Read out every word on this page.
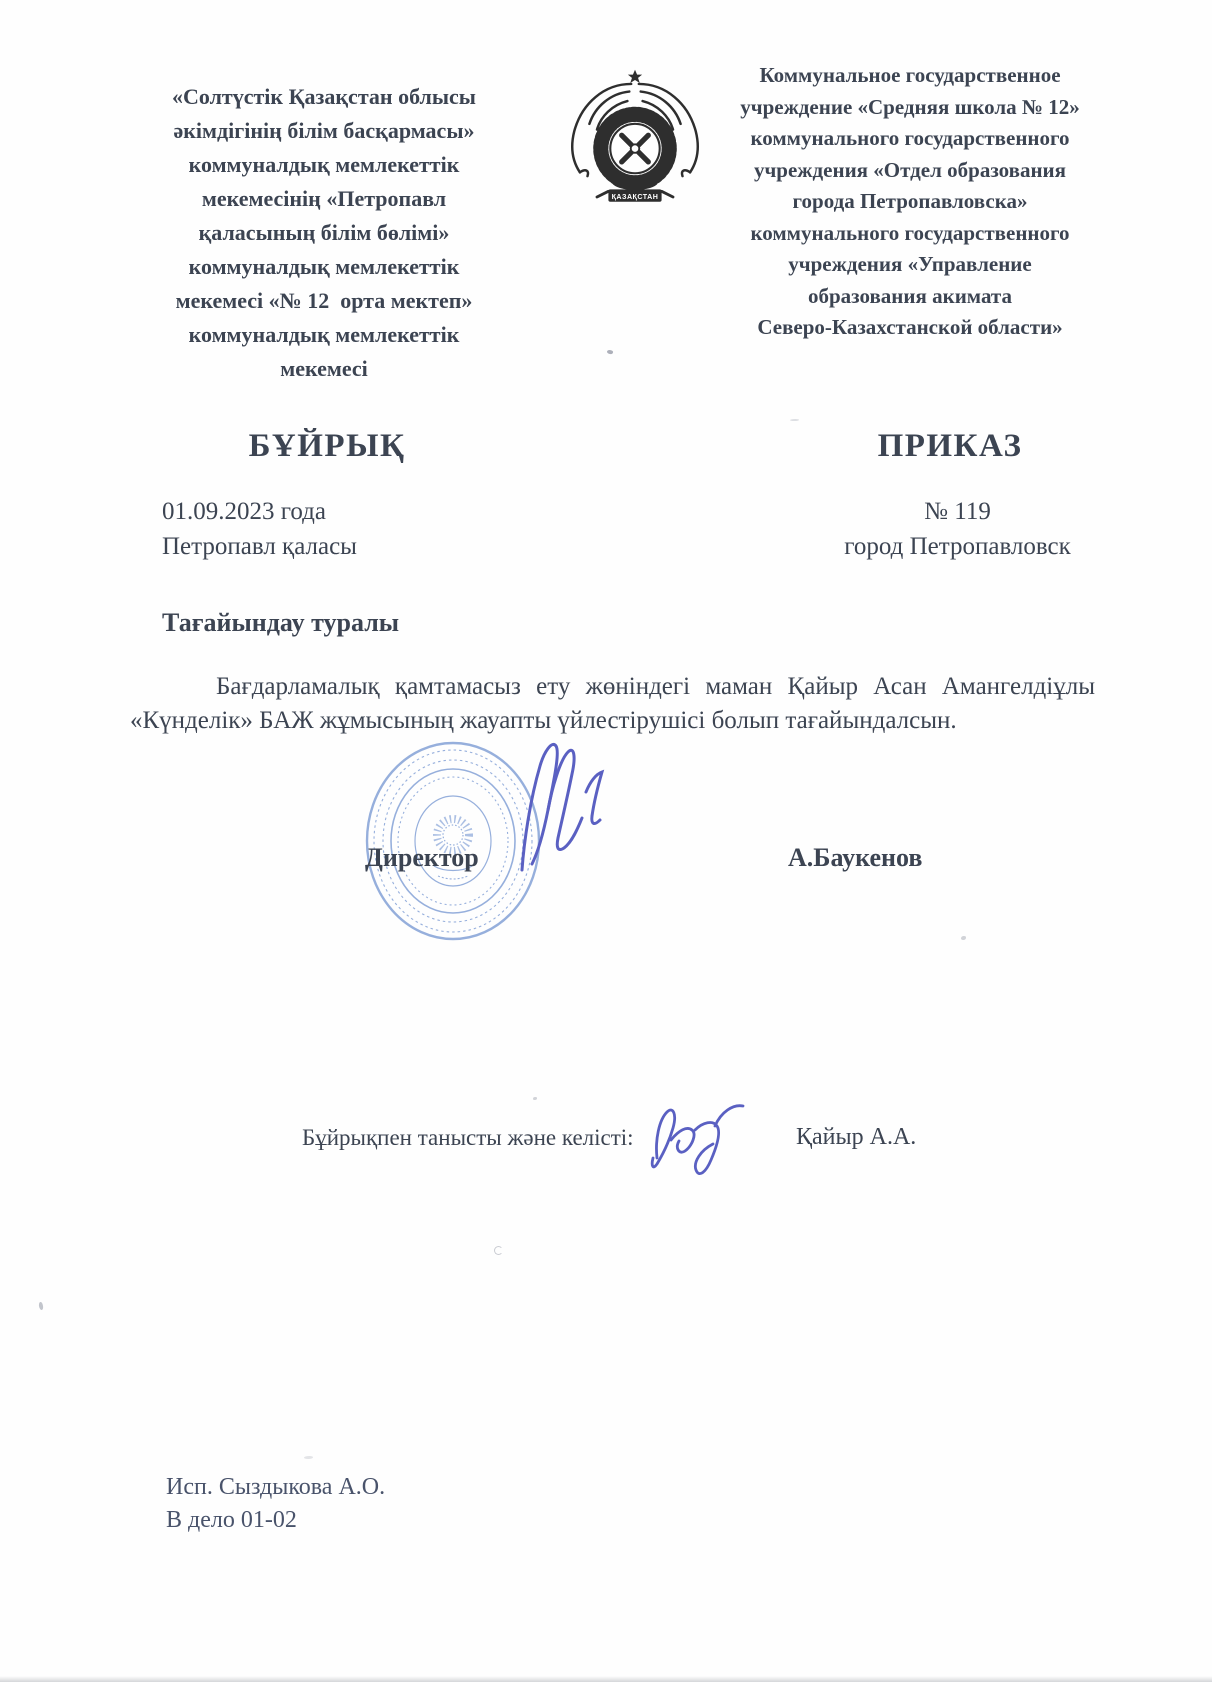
«Солтүстік Қазақстан облысы
әкімдігінің білім басқармасы»
коммуналдық мемлекеттік
мекемесінің «Петропавл
қаласының білім бөлімі»
коммуналдық мемлекеттік
мекемесі «№ 12  орта мектеп»
коммуналдық мемлекеттік
мекемесі
ҚАЗАҚСТАН
Коммунальное государственное
учреждение «Средняя школа № 12»
коммунального государственного
учреждения «Отдел образования
города Петропавловска»
коммунального государственного
учреждения «Управление
образования акимата
Северо-Казахстанской области»
БҰЙРЫҚ	ПРИКАЗ
01.09.2023 года
Петропавл қаласы
№ 119
город Петропавловск
Тағайындау туралы
Бағдарламалық қамтамасыз ету жөніндегі маман Қайыр Асан Амангелдіұлы
«Күнделік» БАЖ жұмысының жауапты үйлестірушісі болып тағайындалсын.
Директор	А.Баукенов
Бұйрықпен танысты және келісті:	Қайыр А.А.
Исп. Сыздыкова А.О.
В дело 01-02
